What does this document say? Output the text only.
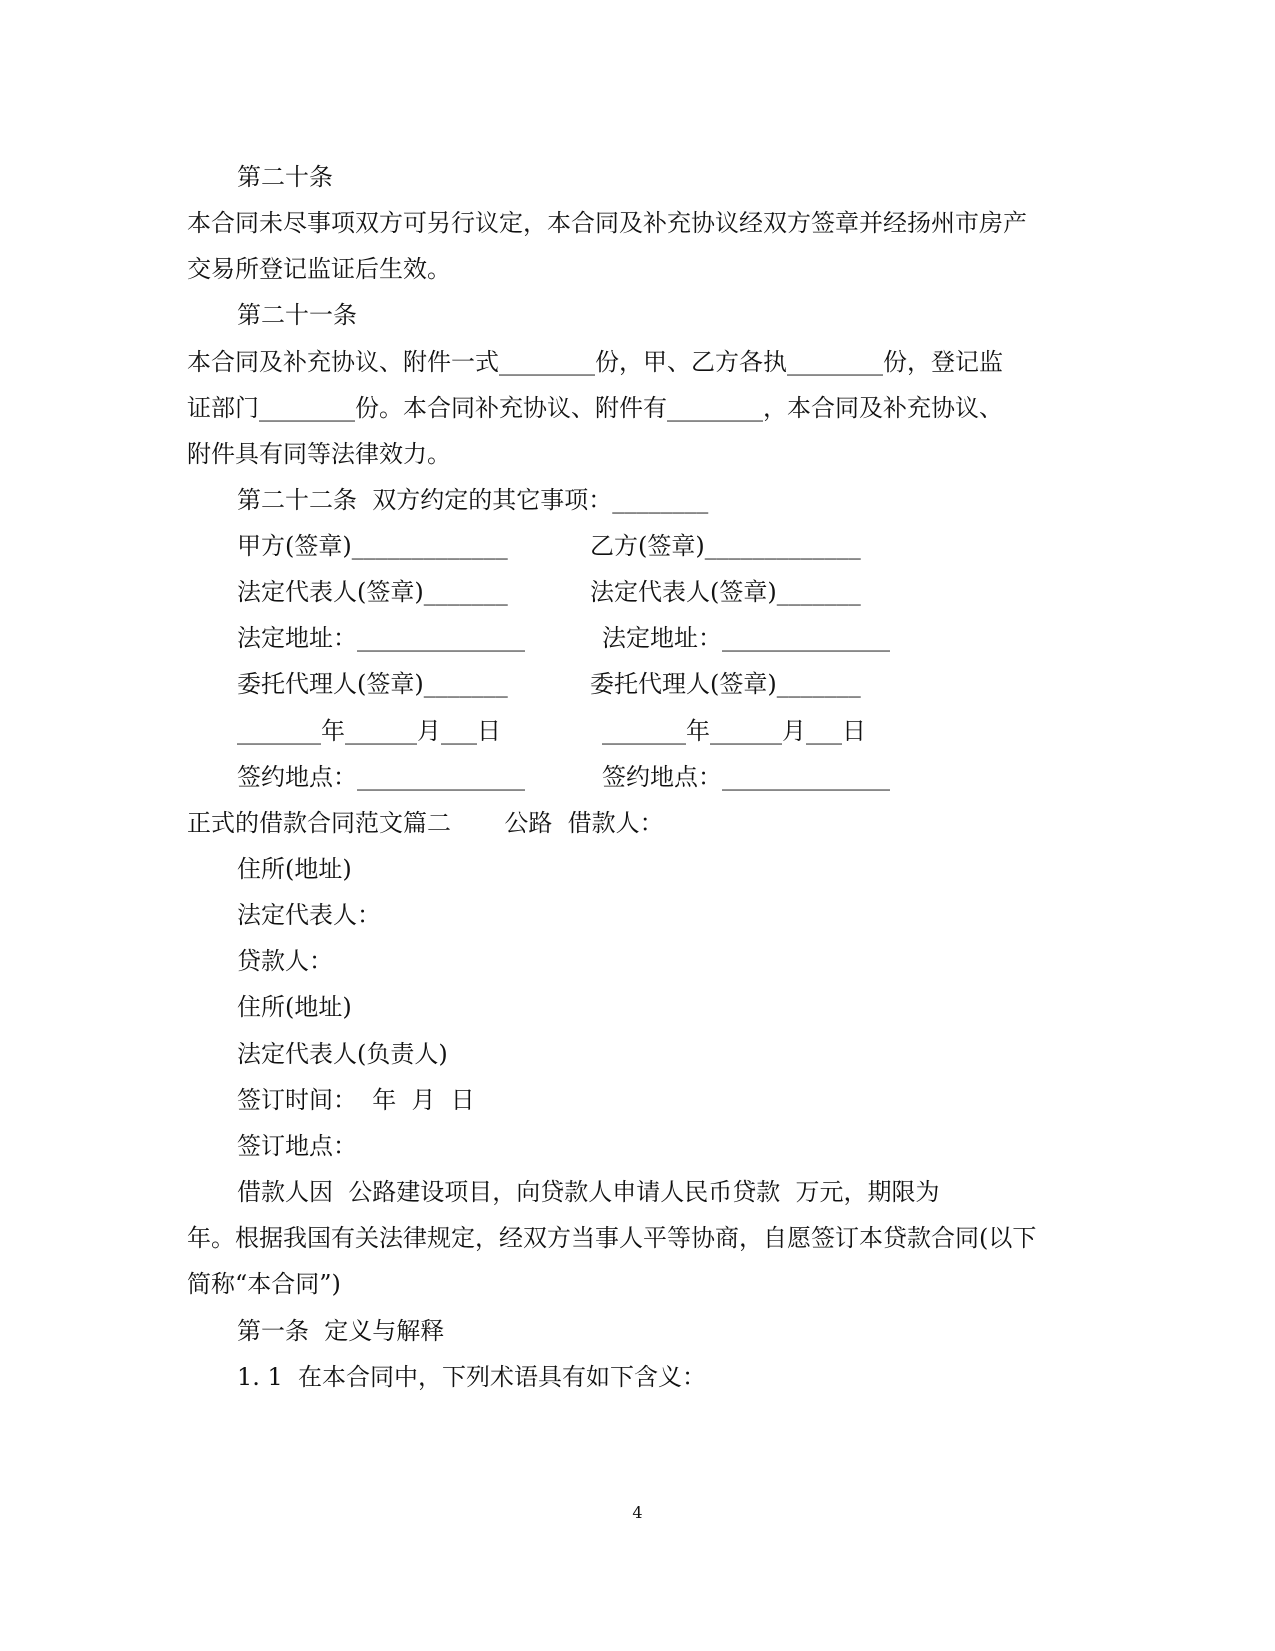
第二十条
本合同未尽事项双方可另行议定，本合同及补充协议经双方签章并经扬州市房产
交易所登记监证后生效。
第二十一条
本合同及补充协议、附件一式________份，甲、乙方各执________份，登记监
证部门________份。本合同补充协议、附件有________，本合同及补充协议、
附件具有同等法律效力。
第二十二条  双方约定的其它事项：________
甲方(签章)_____________	乙方(签章)_____________
法定代表人(签章)_______	法定代表人(签章)_______
法定地址：______________	法定地址：______________
委托代理人(签章)_______	委托代理人(签章)_______
_______年______月___日	_______年______月___日
签约地点：______________	签约地点：______________
正式的借款合同范文篇二       公路  借款人：
住所(地址)
法定代表人：
贷款人：
住所(地址)
法定代表人(负责人)
签订时间：  年  月  日
签订地点：
借款人因  公路建设项目，向贷款人申请人民币贷款  万元，期限为
年。根据我国有关法律规定，经双方当事人平等协商，自愿签订本贷款合同(以下
简称“本合同”)
第一条  定义与解释
1. 1  在本合同中，下列术语具有如下含义：
4
